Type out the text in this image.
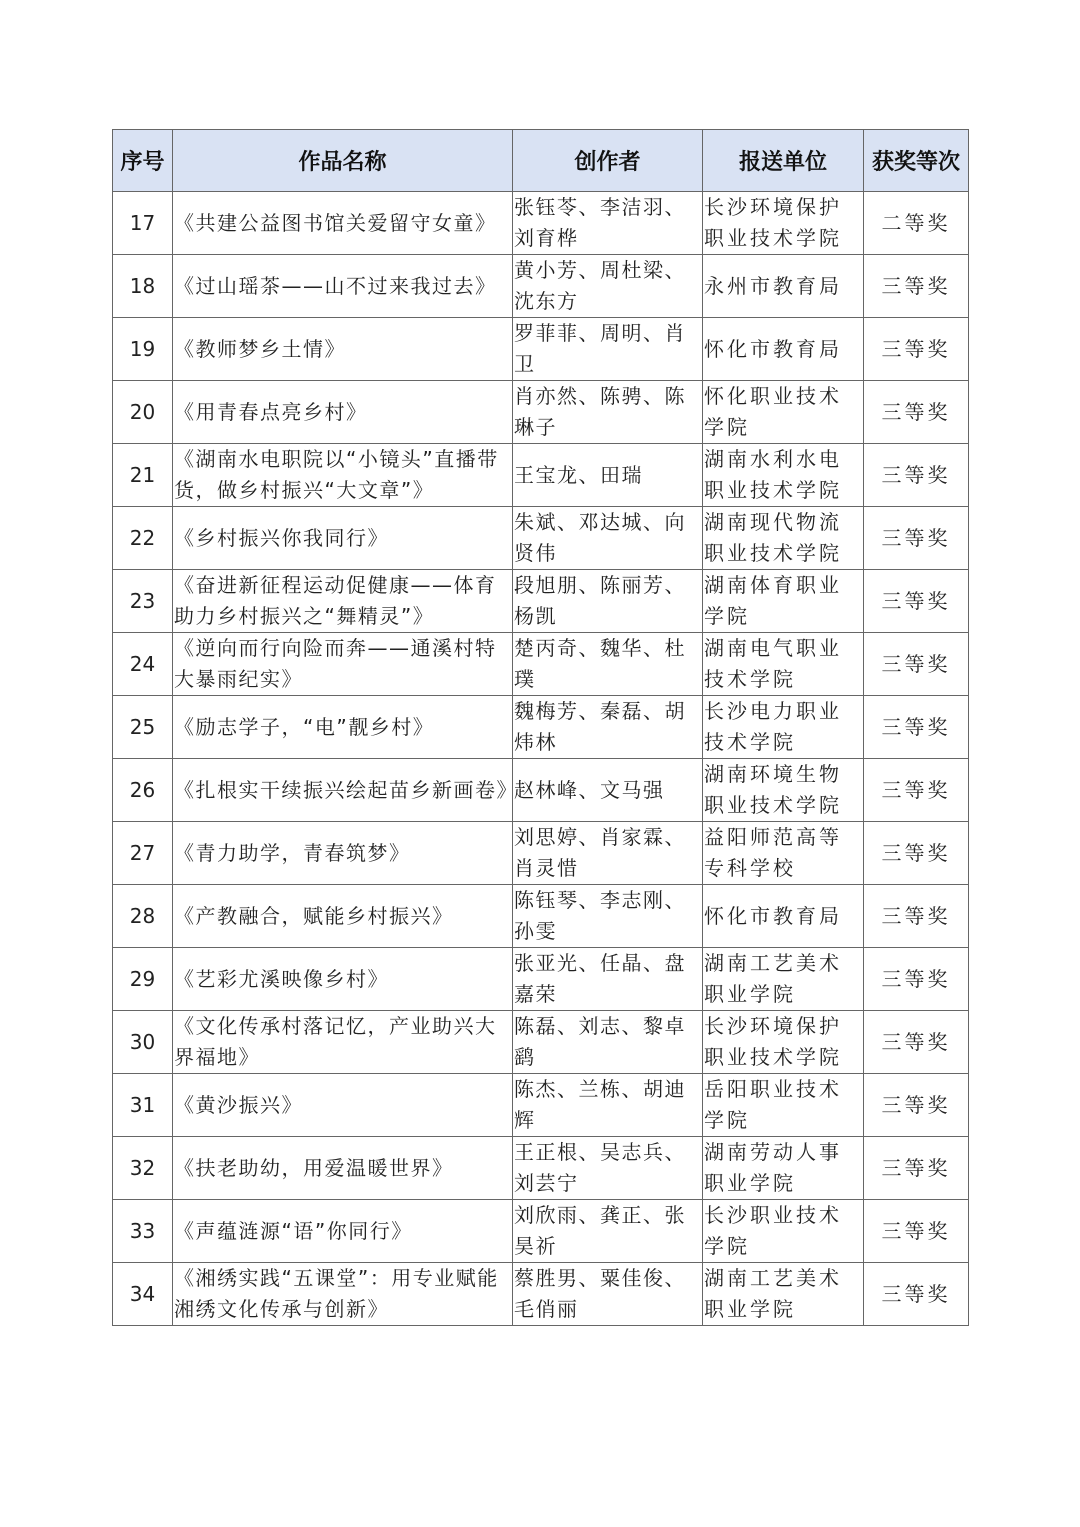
序号	作品名称	创作者	报送单位	获奖等次
17	《共建公益图书馆关爱留守女童》	张钰苓、李洁羽、刘育桦	长沙环境保护职业技术学院	二等奖
18	《过山瑶茶——山不过来我过去》	黄小芳、周杜梁、沈东方	永州市教育局	三等奖
19	《教师梦乡土情》	罗菲菲、周明、肖卫	怀化市教育局	三等奖
20	《用青春点亮乡村》	肖亦然、陈骋、陈琳子	怀化职业技术学院	三等奖
21	《湖南水电职院以“小镜头”直播带货，做乡村振兴“大文章”》	王宝龙、田瑞	湖南水利水电职业技术学院	三等奖
22	《乡村振兴你我同行》	朱斌、邓达城、向贤伟	湖南现代物流职业技术学院	三等奖
23	《奋进新征程运动促健康——体育助力乡村振兴之“舞精灵”》	段旭朋、陈丽芳、杨凯	湖南体育职业学院	三等奖
24	《逆向而行向险而奔——通溪村特大暴雨纪实》	楚丙奇、魏华、杜璞	湖南电气职业技术学院	三等奖
25	《励志学子，“电”靓乡村》	魏梅芳、秦磊、胡炜林	长沙电力职业技术学院	三等奖
26	《扎根实干续振兴绘起苗乡新画卷》	赵林峰、文马强	湖南环境生物职业技术学院	三等奖
27	《青力助学，青春筑梦》	刘思婷、肖家霖、肖灵惜	益阳师范高等专科学校	三等奖
28	《产教融合，赋能乡村振兴》	陈钰琴、李志刚、孙雯	怀化市教育局	三等奖
29	《艺彩尤溪映像乡村》	张亚光、任晶、盘嘉荣	湖南工艺美术职业学院	三等奖
30	《文化传承村落记忆，产业助兴大界福地》	陈磊、刘志、黎卓鹞	长沙环境保护职业技术学院	三等奖
31	《黄沙振兴》	陈杰、兰栋、胡迪辉	岳阳职业技术学院	三等奖
32	《扶老助幼，用爱温暖世界》	王正根、吴志兵、刘芸宁	湖南劳动人事职业学院	三等奖
33	《声蕴涟源“语”你同行》	刘欣雨、龚正、张昊祈	长沙职业技术学院	三等奖
34	《湘绣实践“五课堂”：用专业赋能湘绣文化传承与创新》	蔡胜男、粟佳俊、毛俏丽	湖南工艺美术职业学院	三等奖
